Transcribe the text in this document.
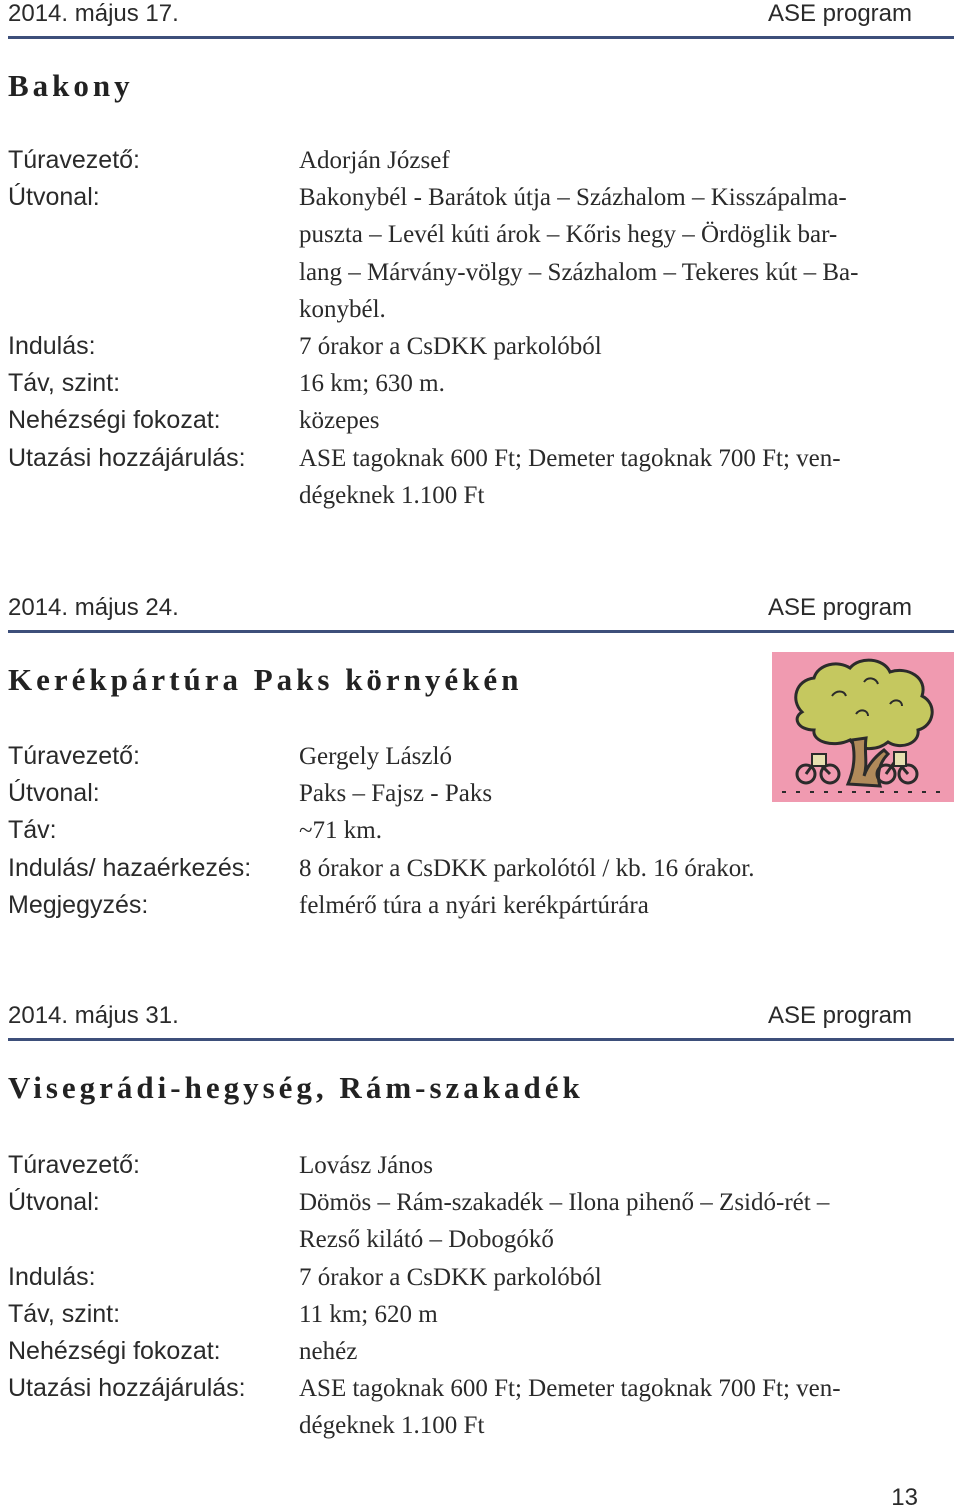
2014. május 17.	ASE program
Bakony
Túravezető:	Adorján József
Útvonal:	Bakonybél - Barátok útja – Százhalom – Kisszápalma-
puszta – Levél kúti árok – Kőris hegy – Ördöglik bar-
lang – Márvány-völgy – Százhalom – Tekeres kút – Ba-
konybél.
Indulás:	7 órakor a CsDKK parkolóból
Táv, szint:	16 km; 630 m.
Nehézségi fokozat:	közepes
Utazási hozzájárulás:	ASE tagoknak 600 Ft; Demeter tagoknak 700 Ft; ven-
dégeknek 1.100 Ft
2014. május 24.	ASE program
Kerékpártúra Paks környékén
Túravezető:	Gergely László
Útvonal:	Paks – Fajsz - Paks
Táv:	~71 km.
Indulás/ hazaérkezés:	8 órakor a CsDKK parkolótól / kb. 16 órakor.
Megjegyzés:	felmérő túra a nyári kerékpártúrára
2014. május 31.	ASE program
Visegrádi-hegység, Rám-szakadék
Túravezető:	Lovász János
Útvonal:	Dömös – Rám-szakadék – Ilona pihenő – Zsidó-rét –
Rezső kilátó – Dobogókő
Indulás:	7 órakor a CsDKK parkolóból
Táv, szint:	11 km; 620 m
Nehézségi fokozat:	nehéz
Utazási hozzájárulás:	ASE tagoknak 600 Ft; Demeter tagoknak 700 Ft; ven-
dégeknek 1.100 Ft
13
